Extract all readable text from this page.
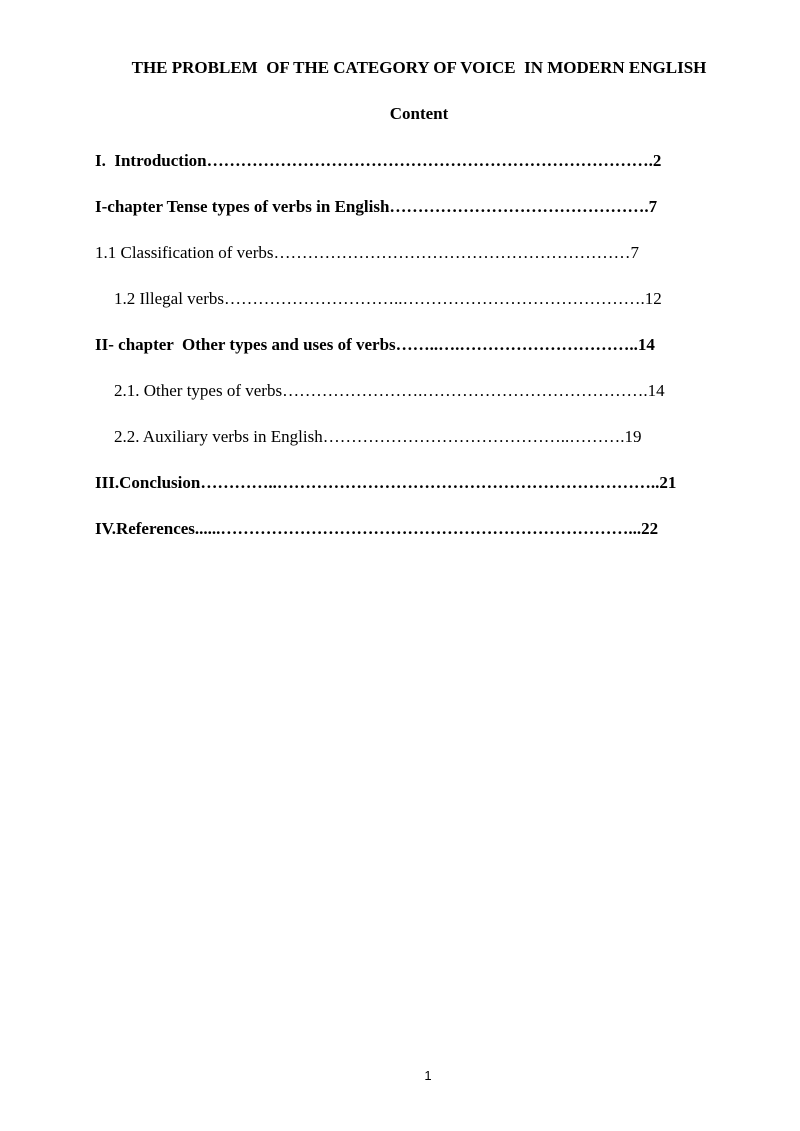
THE PROBLEM  OF THE CATEGORY OF VOICE  IN MODERN ENGLISH
Content
I.  Introduction…………………………………………………………………….2
I-chapter Tense types of verbs in English……………………………………….7
1.1 Classification of verbs………………………………………………………7
1.2 Illegal verbs…………………………..…………………………………….12
II- chapter  Other types and uses of verbs……..….…………………………..14
2.1. Other types of verbs…………………….………………………………….14
2.2. Auxiliary verbs in English……………………………………..……….19
III.Conclusion…………..…………………………………………………………..21
IV.References......………………………………………………………………...22
1
